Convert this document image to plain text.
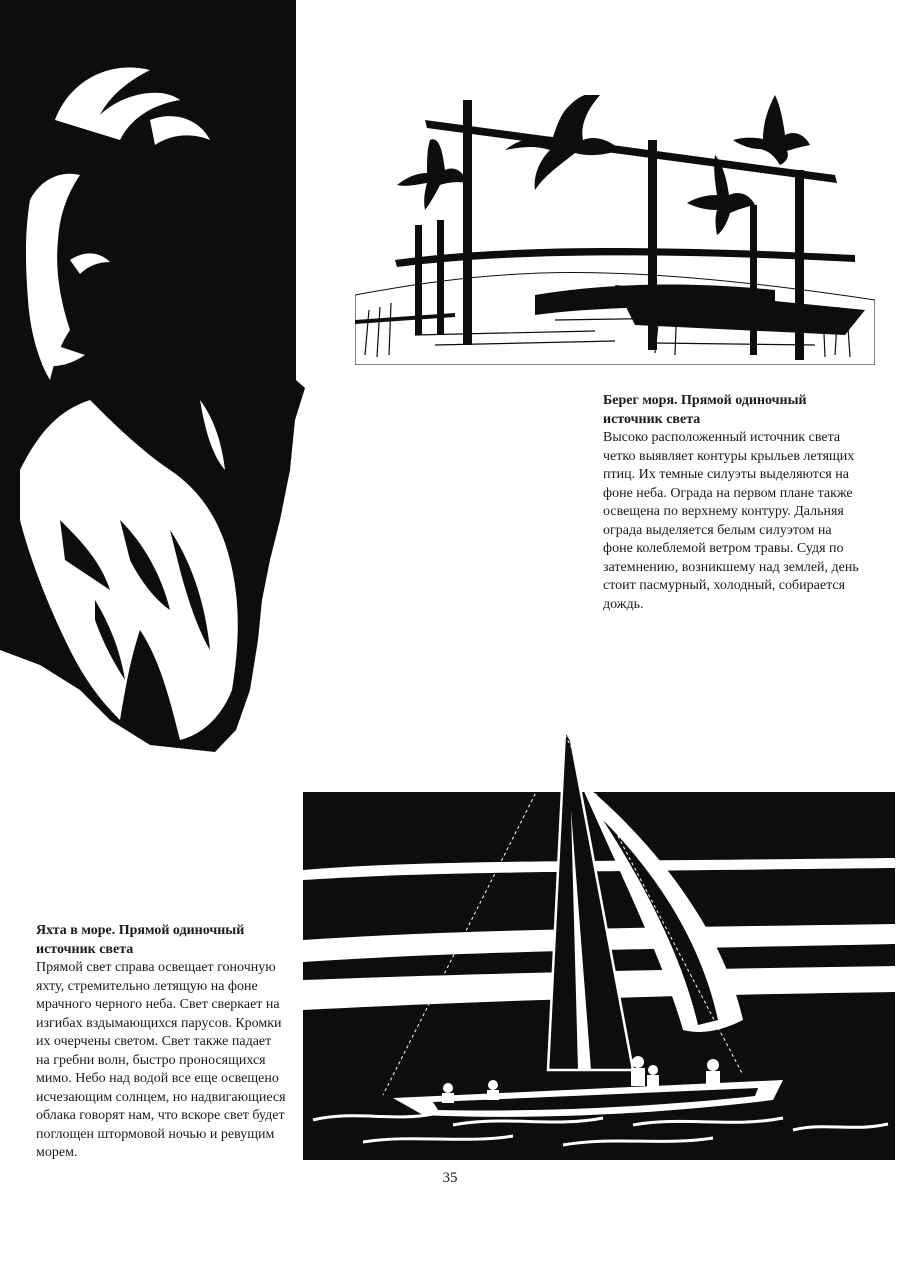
Берег моря. Прямой одиночный источник света

Высоко расположенный источник света четко выявляет контуры крыльев летящих птиц. Их темные силуэты выделяются на фоне неба. Ограда на первом плане также освещена по верхнему контуру. Дальняя ограда выделяется белым силуэтом на фоне колеблемой ветром травы. Судя по затемнению, возникшему над землей, день стоит пасмурный, холодный, собирается дождь.

Яхта в море. Прямой одиночный источник света

Прямой свет справа освещает гоночную яхту, стремительно летящую на фоне мрачного черного неба. Свет сверкает на изгибах вздымающихся парусов. Кромки их очерчены светом. Свет также падает на гребни волн, быстро проносящихся мимо. Небо над водой все еще освещено исчезающим солнцем, но надвигающиеся облака говорят нам, что вскоре свет будет поглощен штормовой ночью и ревущим морем.

35
